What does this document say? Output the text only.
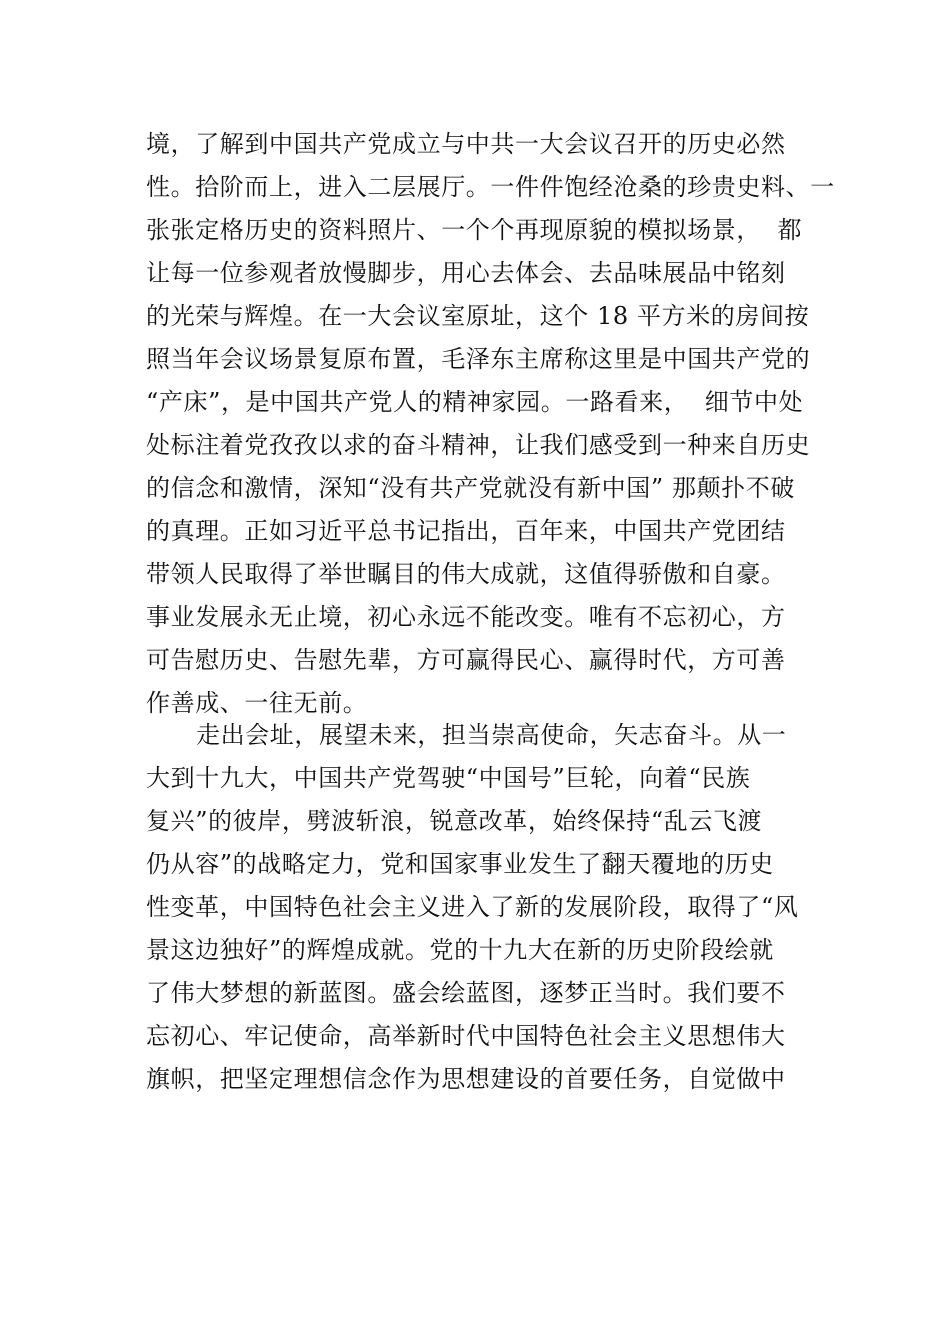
境，了解到中国共产党成立与中共一大会议召开的历史必然
性。拾阶而上，进入二层展厅。一件件饱经沧桑的珍贵史料、一
张张定格历史的资料照片、一个个再现原貌的模拟场景，  都
让每一位参观者放慢脚步，用心去体会、去品味展品中铭刻
的光荣与辉煌。在一大会议室原址，这个 18 平方米的房间按
照当年会议场景复原布置，毛泽东主席称这里是中国共产党的
“产床”，是中国共产党人的精神家园。一路看来，  细节中处
处标注着党孜孜以求的奋斗精神，让我们感受到一种来自历史
的信念和激情，深知“没有共产党就没有新中国” 那颠扑不破
的真理。正如习近平总书记指出，百年来，中国共产党团结
带领人民取得了举世瞩目的伟大成就，这值得骄傲和自豪。
事业发展永无止境，初心永远不能改变。唯有不忘初心，方
可告慰历史、告慰先辈，方可赢得民心、赢得时代，方可善
作善成、一往无前。
走出会址，展望未来，担当崇高使命，矢志奋斗。从一
大到十九大，中国共产党驾驶“中国号”巨轮，向着“民族
复兴”的彼岸，劈波斩浪，锐意改革，始终保持“乱云飞渡
仍从容”的战略定力，党和国家事业发生了翻天覆地的历史
性变革，中国特色社会主义进入了新的发展阶段，取得了“风
景这边独好”的辉煌成就。党的十九大在新的历史阶段绘就
了伟大梦想的新蓝图。盛会绘蓝图，逐梦正当时。我们要不
忘初心、牢记使命，高举新时代中国特色社会主义思想伟大
旗帜，把坚定理想信念作为思想建设的首要任务，自觉做中
